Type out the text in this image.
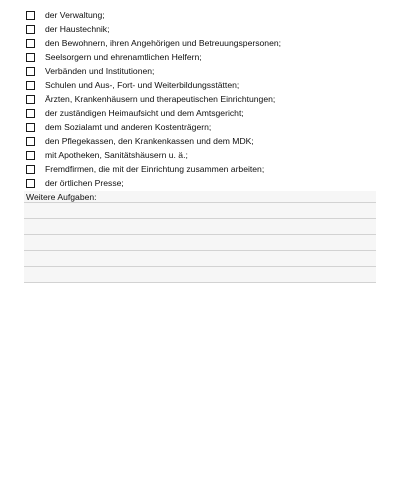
der Verwaltung;
der Haustechnik;
den Bewohnern, ihren Angehörigen und Betreuungspersonen;
Seelsorgern und ehrenamtlichen Helfern;
Verbänden und Institutionen;
Schulen und Aus-, Fort- und Weiterbildungsstätten;
Ärzten, Krankenhäusern und therapeutischen Einrichtungen;
der zuständigen Heimaufsicht und dem Amtsgericht;
dem Sozialamt und anderen Kostenträgern;
den Pflegekassen, den Krankenkassen und dem MDK;
mit Apotheken, Sanitätshäusern u. ä.;
Fremdfirmen, die mit der Einrichtung zusammen arbeiten;
der örtlichen Presse;
Weitere Aufgaben:
